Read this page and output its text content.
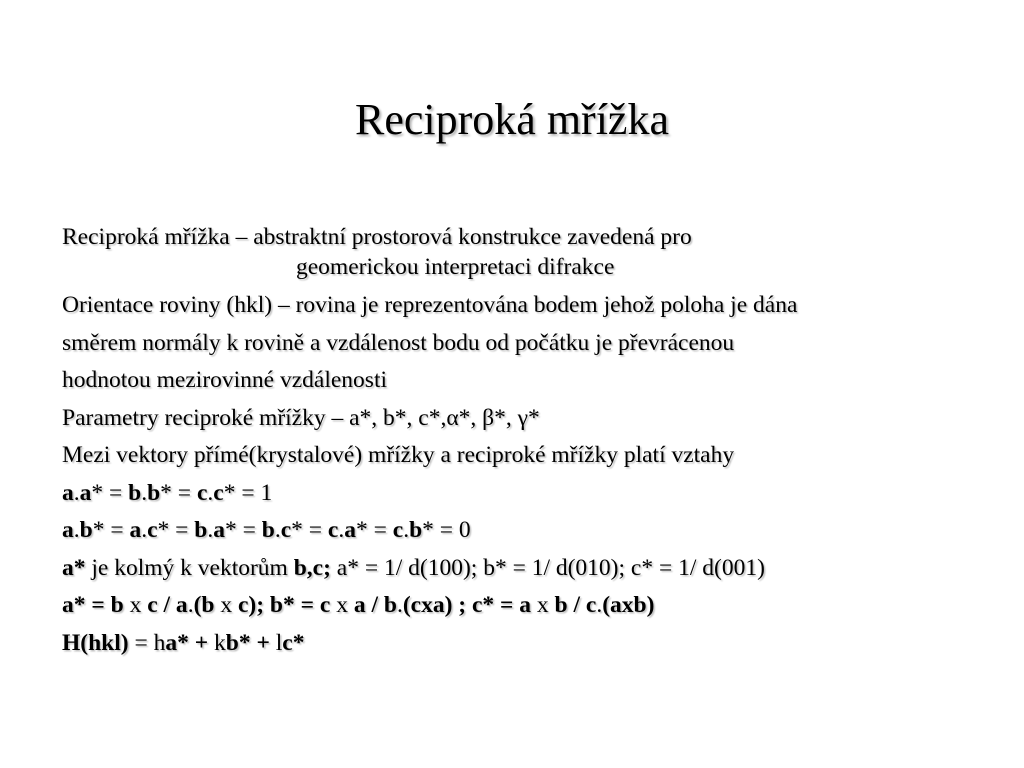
Reciproká mřížka
Reciproká mřížka – abstraktní prostorová konstrukce zavedená pro
geomerickou interpretaci difrakce
Orientace roviny (hkl) – rovina je reprezentována bodem jehož poloha je dána
směrem normály k rovině a vzdálenost bodu od počátku je převrácenou
hodnotou mezirovinné vzdálenosti
Parametry reciproké mřížky – a*, b*, c*,α*, β*, γ*
Mezi vektory přímé(krystalové) mřížky a reciproké mřížky platí vztahy
a.a* = b.b* = c.c* = 1
a.b* = a.c* = b.a* = b.c* = c.a* = c.b* = 0
a* je kolmý k vektorům b,c; a* = 1/ d(100); b* = 1/ d(010); c* = 1/ d(001)
a* = b x c / a.(b x c); b* = c x a / b.(cxa) ; c* = a x b / c.(axb)
H(hkl) = ha* + kb* + lc*
